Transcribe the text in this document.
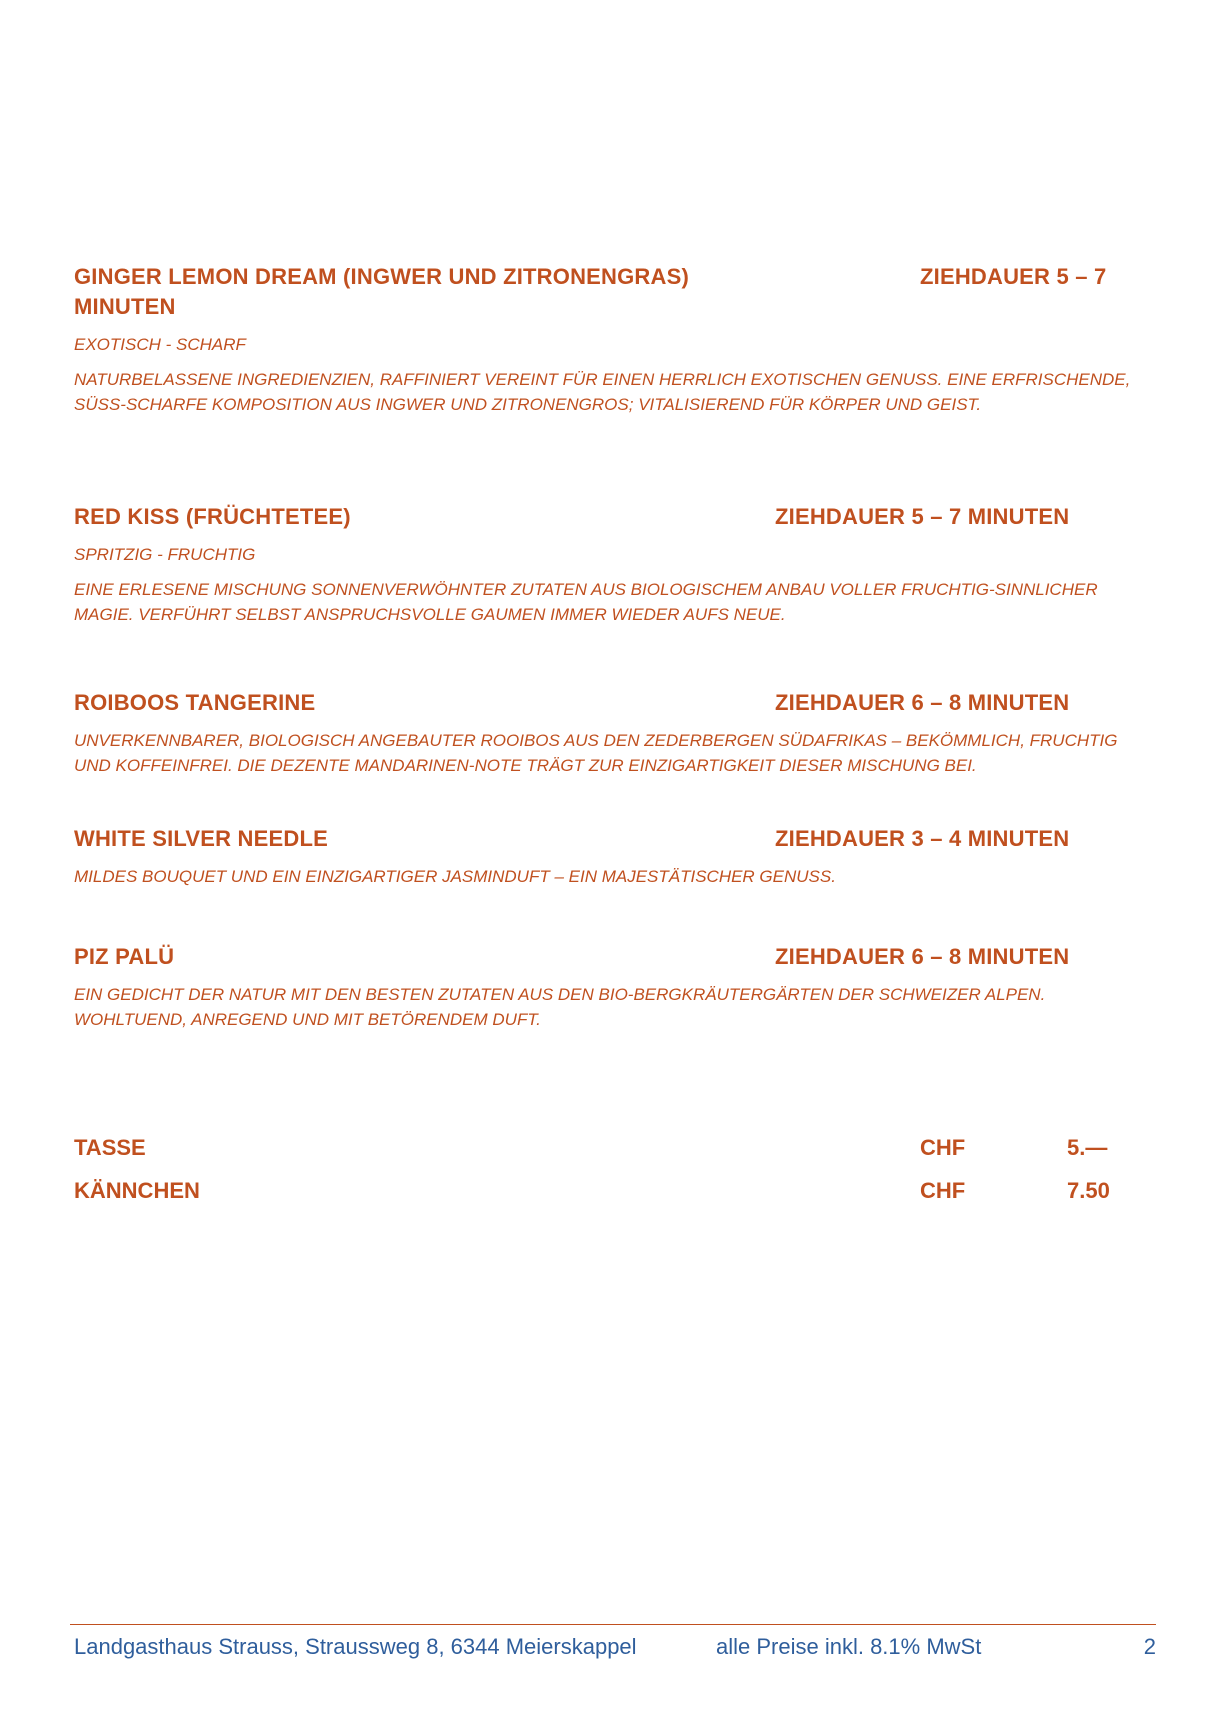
GINGER LEMON DREAM (INGWER UND ZITRONENGRAS)	ZIEHDAUER 5 – 7
MINUTEN
EXOTISCH - SCHARF
NATURBELASSENE INGREDIENZIEN, RAFFINIERT VEREINT FÜR EINEN HERRLICH EXOTISCHEN GENUSS. EINE ERFRISCHENDE, SÜSS-SCHARFE KOMPOSITION AUS INGWER UND ZITRONENGROS; VITALISIEREND FÜR KÖRPER UND GEIST.
RED KISS (FRÜCHTETEE)	ZIEHDAUER 5 – 7 MINUTEN
SPRITZIG - FRUCHTIG
EINE ERLESENE MISCHUNG SONNENVERWÖHNTER ZUTATEN AUS BIOLOGISCHEM ANBAU VOLLER FRUCHTIG-SINNLICHER MAGIE. VERFÜHRT SELBST ANSPRUCHSVOLLE GAUMEN IMMER WIEDER AUFS NEUE.
ROIBOOS TANGERINE	ZIEHDAUER 6 – 8 MINUTEN
UNVERKENNBARER, BIOLOGISCH ANGEBAUTER ROOIBOS AUS DEN ZEDERBERGEN SÜDAFRIKAS – BEKÖMMLICH, FRUCHTIG UND KOFFEINFREI. DIE DEZENTE MANDARINEN-NOTE TRÄGT ZUR EINZIGARTIGKEIT DIESER MISCHUNG BEI.
WHITE SILVER NEEDLE	ZIEHDAUER 3 – 4 MINUTEN
MILDES BOUQUET UND EIN EINZIGARTIGER JASMINDUFT – EIN MAJESTÄTISCHER GENUSS.
PIZ PALÜ	ZIEHDAUER 6 – 8 MINUTEN
EIN GEDICHT DER NATUR MIT DEN BESTEN ZUTATEN AUS DEN BIO-BERGKRÄUTERGÄRTEN DER SCHWEIZER ALPEN. WOHLTUEND, ANREGEND UND MIT BETÖRENDEM DUFT.
TASSE	CHF	5.—
KÄNNCHEN	CHF	7.50
Landgasthaus Strauss, Straussweg 8, 6344 Meierskappel	alle Preise inkl. 8.1% MwSt	2
